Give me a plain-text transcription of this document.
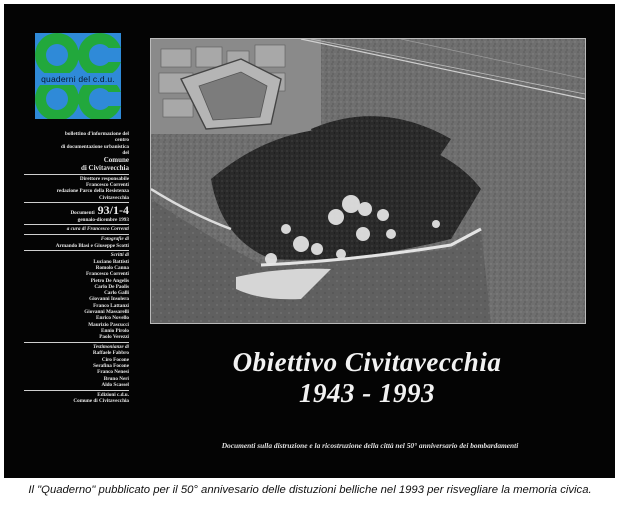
quaderni del c.d.u.
bollettino d'informazione del
centro
di documentazione urbanistica
del
Comune
di Civitavecchia
Direttore responsabile
Francesco Correnti
redazione Parco della Resistenza
Civitavecchia
Documenti 93/1-4
gennaio-dicembre 1993
a cura di Francesco Correnti
Fotografie di
Armando Blasi e Giuseppe Scotti
Scritti di
Luciano Battisti
Romolo Canna
Francesco Correnti
Pietro De Angelis
Carlo De Paolis
Carlo Galli
Giovanni Insolera
Franco Lattanzi
Giovanni Massarelli
Enrico Novello
Maurizio Pascucci
Ennio Pirolo
Paolo Verezzi
Testimonianze di
Raffaele Fabbro
Ciro Focone
Serafina Focone
Franco Nenesi
Bruno Neri
Aldo Scassel
Edizioni c.d.u.
Comune di Civitavecchia
Obiettivo Civitavecchia
1943 - 1993
Documenti sulla distruzione e la ricostruzione della città nel 50° anniversario dei bombardamenti
Il "Quaderno" pubblicato per il 50° annivesario delle distuzioni belliche nel 1993 per risvegliare la memoria civica.
